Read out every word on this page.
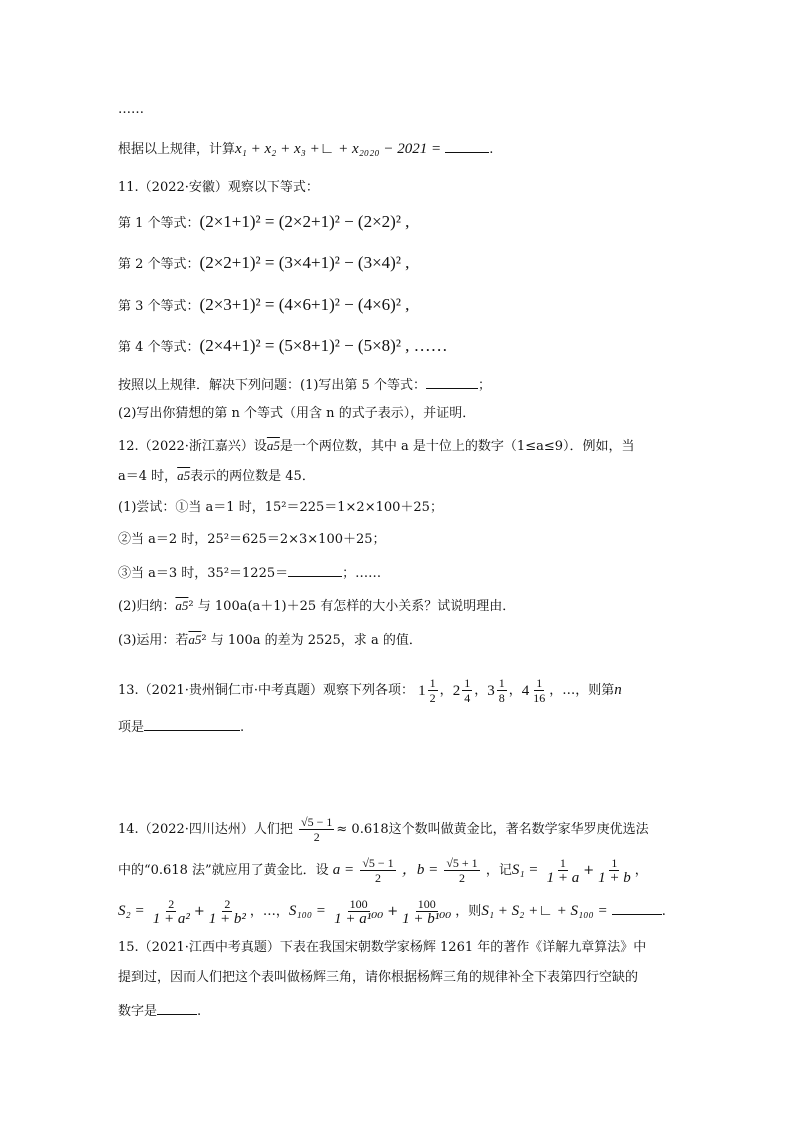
……
根据以上规律，计算x₁ + x₂ + x₃ +∟ + x₂₀₂₀ − 2021 =	.
11.（2022·安徽）观察以下等式：
第 1 个等式：(2×1+1)² = (2×2+1)² − (2×2)² ,
第 2 个等式：(2×2+1)² = (3×4+1)² − (3×4)² ,
第 3 个等式：(2×3+1)² = (4×6+1)² − (4×6)² ,
第 4 个等式：(2×4+1)² = (5×8+1)² − (5×8)² , ……
按照以上规律．解决下列问题：(1)写出第 5 个等式：	；
(2)写出你猜想的第 n 个等式（用含 n 的式子表示），并证明．
12.（2022·浙江嘉兴）设a5是一个两位数，其中 a 是十位上的数字（1≤a≤9）．例如，当
a＝4 时，a5表示的两位数是 45．
(1)尝试：①当 a＝1 时，15²＝225＝1×2×100＋25；
②当 a＝2 时，25²＝625＝2×3×100＋25；
③当 a＝3 时，35²＝1225＝	；……
(2)归纳：a5² 与 100a(a＋1)＋25 有怎样的大小关系？试说明理由．
(3)运用：若a5² 与 100a 的差为 2525，求 a 的值．
13.（2021·贵州铜仁市·中考真题）观察下列各项： $1 \frac{1}{2}$ ， $2 \frac{1}{4}$ ， $3 \frac{1}{8}$ ， $4 \frac{1}{16}$ ，…，则第n
项是	.
14.（2022·四川达州）人们把 $\frac{√5 - 1}{2} \approx 0.618$这个数叫做黄金比，著名数学家华罗庚优选法
中的“0.618 法”就应用了黄金比．设 $a = \frac{√5 - 1}{2}$ ，$b = \frac{√5 + 1}{2}$ ，记$S_1 = \frac{1}{1 + a} + \frac{1}{1 + b}$ ，
$S_2 = \frac{2}{\text{1 + a²}} + \frac{2}{\text{1 + b²}}$ ，…，$S_{100} = \frac{100}{\text{1 + a¹⁰⁰}} + \frac{100}{\text{1 + b¹⁰⁰}}$ ，则S₁ + S₂ +∟ + S₁₀₀ =	.
15.（2021·江西中考真题）下表在我国宋朝数学家杨辉 1261 年的著作《详解九章算法》中
提到过，因而人们把这个表叫做杨辉三角，请你根据杨辉三角的规律补全下表第四行空缺的
数字是	.
